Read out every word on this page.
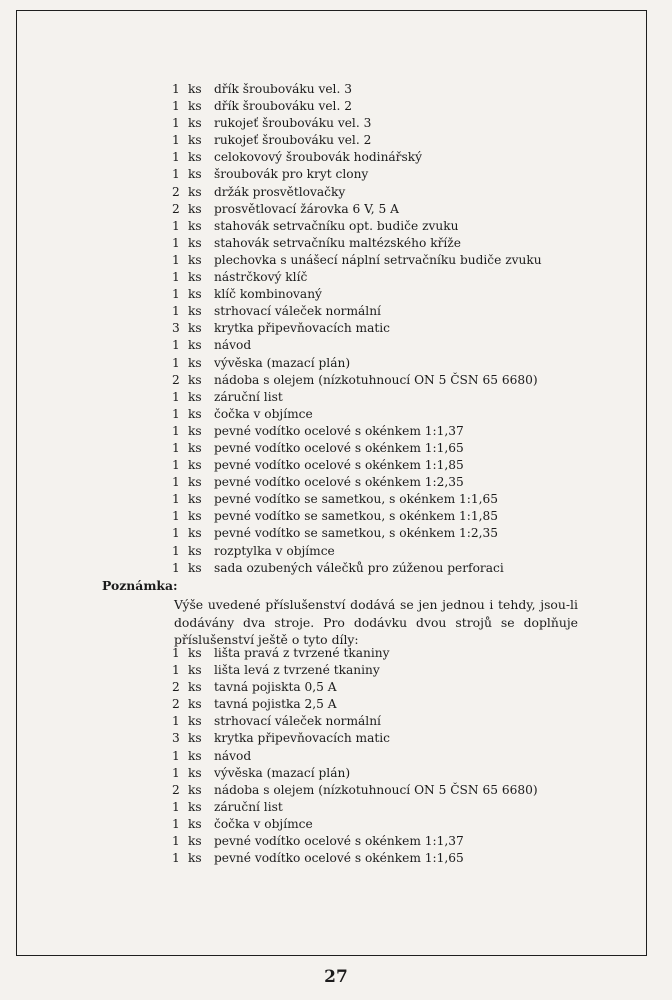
1 ks	dřík šroubováku vel. 3
1 ks	dřík šroubováku vel. 2
1 ks	rukojeť šroubováku vel. 3
1 ks	rukojeť šroubováku vel. 2
1 ks	celokovový šroubovák hodinářský
1 ks	šroubovák pro kryt clony
2 ks	držák prosvětlovačky
2 ks	prosvětlovací žárovka 6 V, 5 A
1 ks	stahovák setrvačníku opt. budiče zvuku
1 ks	stahovák setrvačníku maltézského kříže
1 ks	plechovka s unášecí náplní setrvačníku budiče zvuku
1 ks	nástrčkový klíč
1 ks	klíč kombinovaný
1 ks	strhovací váleček normální
3 ks	krytka připevňovacích matic
1 ks	návod
1 ks	vývěska (mazací plán)
2 ks	nádoba s olejem (nízkotuhnoucí ON 5 ČSN 65 6680)
1 ks	záruční list
1 ks	čočka v objímce
1 ks	pevné vodítko ocelové s okénkem 1:1,37
1 ks	pevné vodítko ocelové s okénkem 1:1,65
1 ks	pevné vodítko ocelové s okénkem 1:1,85
1 ks	pevné vodítko ocelové s okénkem 1:2,35
1 ks	pevné vodítko se sametkou, s okénkem 1:1,65
1 ks	pevné vodítko se sametkou, s okénkem 1:1,85
1 ks	pevné vodítko se sametkou, s okénkem 1:2,35
1 ks	rozptylka v objímce
1 ks	sada ozubených válečků pro zúženou perforaci
Poznámka:
Výše uvedené příslušenství dodává se jen jednou i tehdy, jsou-li dodávány dva stroje. Pro dodávku dvou strojů se doplňuje příslušenství ještě o tyto díly:
1 ks	lišta pravá z tvrzené tkaniny
1 ks	lišta levá z tvrzené tkaniny
2 ks	tavná pojiskta 0,5 A
2 ks	tavná pojistka 2,5 A
1 ks	strhovací váleček normální
3 ks	krytka připevňovacích matic
1 ks	návod
1 ks	vývěska (mazací plán)
2 ks	nádoba s olejem (nízkotuhnoucí ON 5 ČSN 65 6680)
1 ks	záruční list
1 ks	čočka v objímce
1 ks	pevné vodítko ocelové s okénkem 1:1,37
1 ks	pevné vodítko ocelové s okénkem 1:1,65
27
